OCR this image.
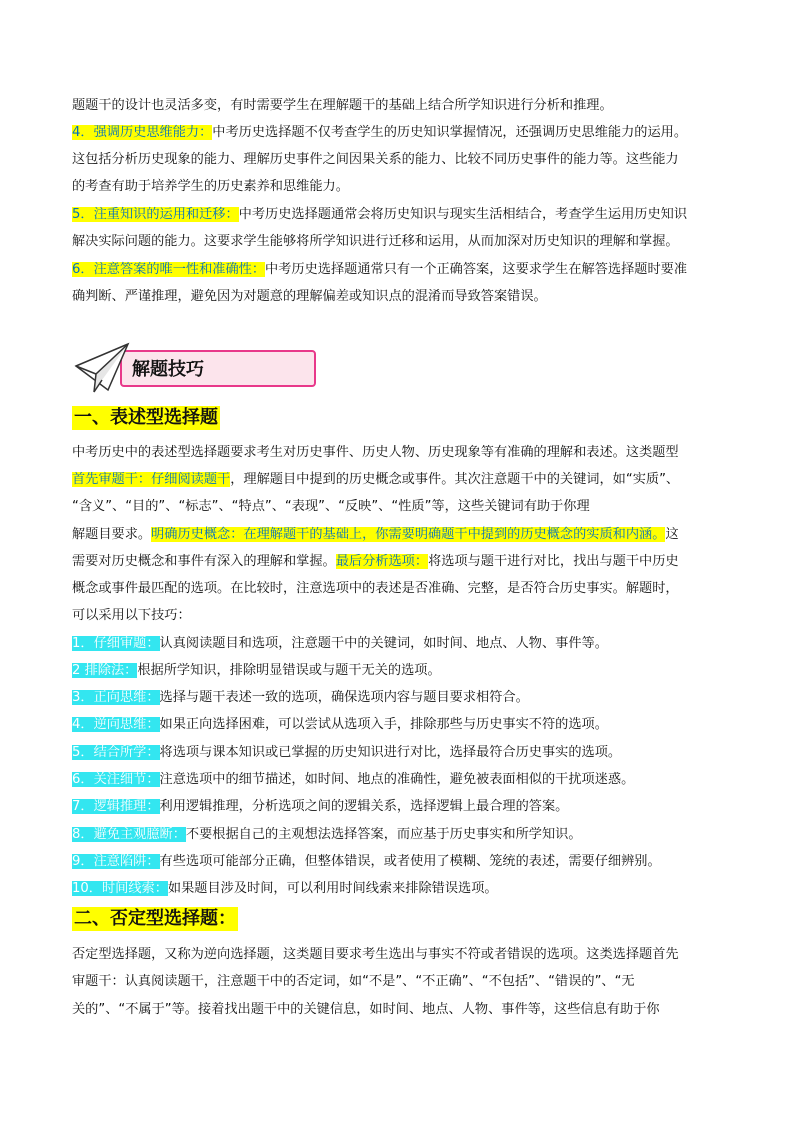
题题干的设计也灵活多变，有时需要学生在理解题干的基础上结合所学知识进行分析和推理。
4．强调历史思维能力：中考历史选择题不仅考查学生的历史知识掌握情况，还强调历史思维能力的运用。
这包括分析历史现象的能力、理解历史事件之间因果关系的能力、比较不同历史事件的能力等。这些能力
的考查有助于培养学生的历史素养和思维能力。
5．注重知识的运用和迁移：中考历史选择题通常会将历史知识与现实生活相结合，考查学生运用历史知识
解决实际问题的能力。这要求学生能够将所学知识进行迁移和运用，从而加深对历史知识的理解和掌握。
6．注意答案的唯一性和准确性：中考历史选择题通常只有一个正确答案，这要求学生在解答选择题时要准
确判断、严谨推理，避免因为对题意的理解偏差或知识点的混淆而导致答案错误。
解题技巧
一、表述型选择题
中考历史中的表述型选择题要求考生对历史事件、历史人物、历史现象等有准确的理解和表述。这类题型
首先审题干：仔细阅读题干，理解题目中提到的历史概念或事件。其次注意题干中的关键词，如“实质”、
“含义”、“目的”、“标志”、“特点”、“表现”、“反映”、“性质”等，这些关键词有助于你理
解题目要求。明确历史概念：在理解题干的基础上，你需要明确题干中提到的历史概念的实质和内涵。这
需要对历史概念和事件有深入的理解和掌握。最后分析选项：将选项与题干进行对比，找出与题干中历史
概念或事件最匹配的选项。在比较时，注意选项中的表述是否准确、完整，是否符合历史事实。解题时，
可以采用以下技巧：
1．仔细审题：认真阅读题目和选项，注意题干中的关键词，如时间、地点、人物、事件等。
2 排除法：根据所学知识，排除明显错误或与题干无关的选项。
3．正向思维：选择与题干表述一致的选项，确保选项内容与题目要求相符合。
4．逆向思维：如果正向选择困难，可以尝试从选项入手，排除那些与历史事实不符的选项。
5．结合所学：将选项与课本知识或已掌握的历史知识进行对比，选择最符合历史事实的选项。
6．关注细节：注意选项中的细节描述，如时间、地点的准确性，避免被表面相似的干扰项迷惑。
7．逻辑推理：利用逻辑推理，分析选项之间的逻辑关系，选择逻辑上最合理的答案。
8．避免主观臆断：不要根据自己的主观想法选择答案，而应基于历史事实和所学知识。
9．注意陷阱：有些选项可能部分正确，但整体错误，或者使用了模糊、笼统的表述，需要仔细辨别。
10．时间线索：如果题目涉及时间，可以利用时间线索来排除错误选项。
二、否定型选择题：
否定型选择题，又称为逆向选择题，这类题目要求考生选出与事实不符或者错误的选项。这类选择题首先
审题干：认真阅读题干，注意题干中的否定词，如“不是”、“不正确”、“不包括”、“错误的”、“无
关的”、“不属于”等。接着找出题干中的关键信息，如时间、地点、人物、事件等，这些信息有助于你
